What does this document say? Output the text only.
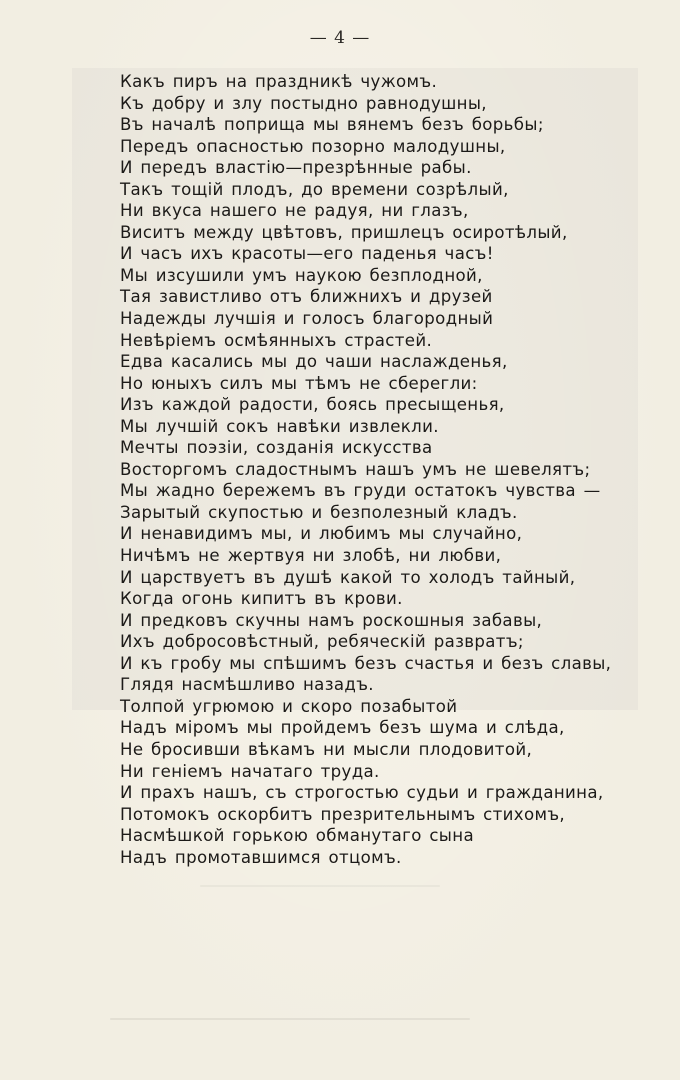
— 4 —
Какъ пиръ на праздникѣ чужомъ.
Къ добру и злу постыдно равнодушны,
Въ началѣ поприща мы вянемъ безъ борьбы;
Передъ опасностью позорно малодушны,
И передъ властію—презрѣнные рабы.
Такъ тощій плодъ, до времени созрѣлый,
Ни вкуса нашего не радуя, ни глазъ,
Виситъ между цвѣтовъ, пришлецъ осиротѣлый,
И часъ ихъ красоты—его паденья часъ!
Мы изсушили умъ наукою безплодной,
Тая завистливо отъ ближнихъ и друзей
Надежды лучшія и голосъ благородный
Невѣріемъ осмѣянныхъ страстей.
Едва касались мы до чаши наслажденья,
Но юныхъ силъ мы тѣмъ не сберегли:
Изъ каждой радости, боясь пресыщенья,
Мы лучшій сокъ навѣки извлекли.
Мечты поэзіи, созданія искусства
Восторгомъ сладостнымъ нашъ умъ не шевелятъ;
Мы жадно бережемъ въ груди остатокъ чувства —
Зарытый скупостью и безполезный кладъ.
И ненавидимъ мы, и любимъ мы случайно,
Ничѣмъ не жертвуя ни злобѣ, ни любви,
И царствуетъ въ душѣ какой то холодъ тайный,
Когда огонь кипитъ въ крови.
И предковъ скучны намъ роскошныя забавы,
Ихъ добросовѣстный, ребяческій развратъ;
И къ гробу мы спѣшимъ безъ счастья и безъ славы,
Глядя насмѣшливо назадъ.
Толпой угрюмою и скоро позабытой
Надъ міромъ мы пройдемъ безъ шума и слѣда,
Не бросивши вѣкамъ ни мысли плодовитой,
Ни геніемъ начатаго труда.
И прахъ нашъ, съ строгостью судьи и гражданина,
Потомокъ оскорбитъ презрительнымъ стихомъ,
Насмѣшкой горькою обманутаго сына
Надъ промотавшимся отцомъ.
